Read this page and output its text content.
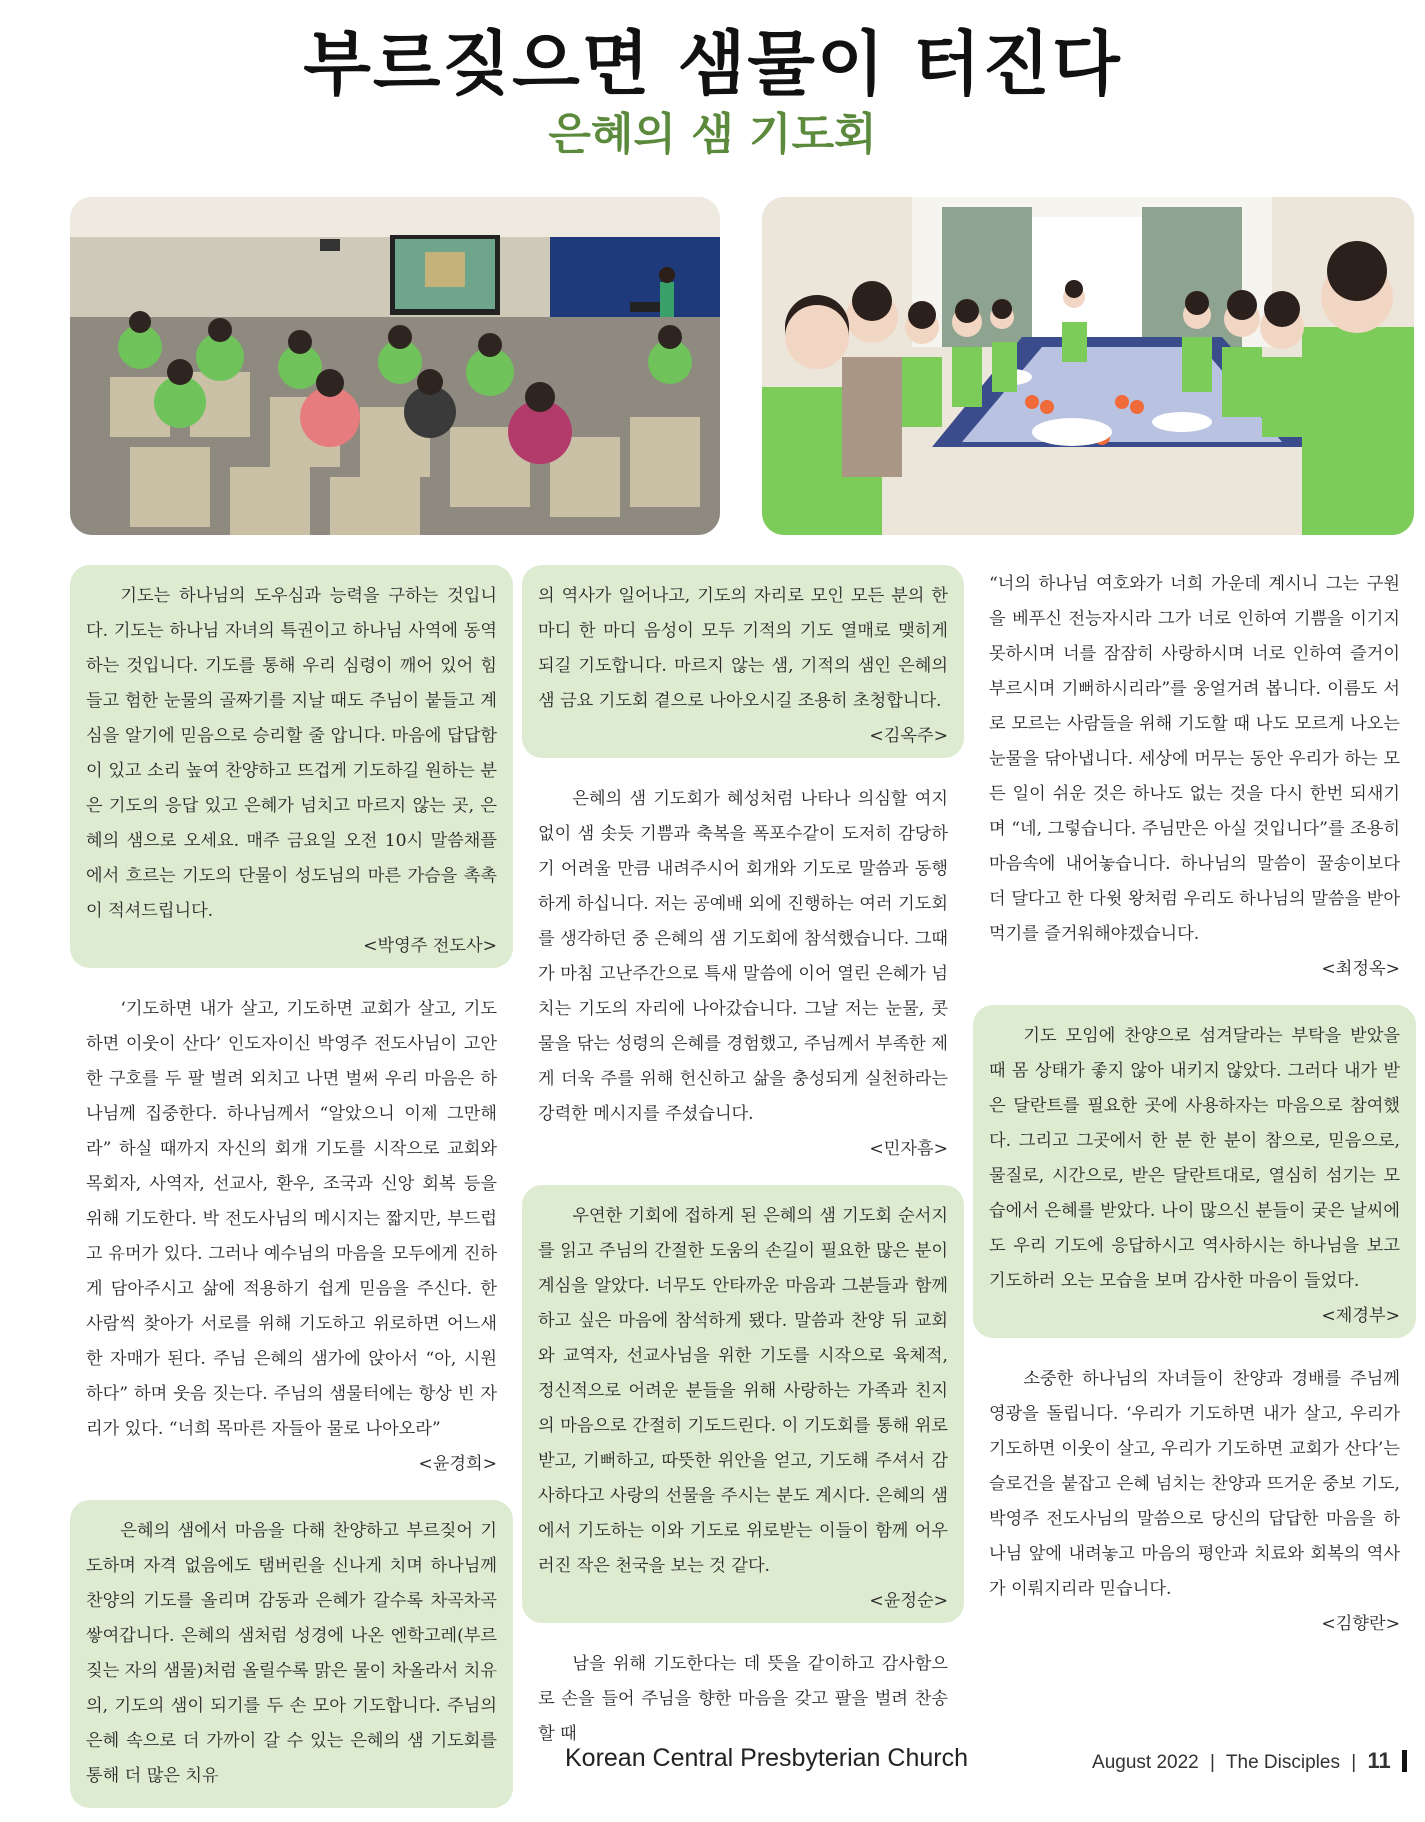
부르짖으면 샘물이 터진다
은혜의 샘 기도회

기도는 하나님의 도우심과 능력을 구하는 것입니다. 기도는 하나님 자녀의 특권이고 하나님 사역에 동역하는 것입니다. 기도를 통해 우리 심령이 깨어 있어 힘들고 험한 눈물의 골짜기를 지날 때도 주님이 붙들고 계심을 알기에 믿음으로 승리할 줄 압니다. 마음에 답답함이 있고 소리 높여 찬양하고 뜨겁게 기도하길 원하는 분은 기도의 응답 있고 은혜가 넘치고 마르지 않는 곳, 은혜의 샘으로 오세요. 매주 금요일 오전 10시 말씀채플에서 흐르는 기도의 단물이 성도님의 마른 가슴을 촉촉이 적셔드립니다.

<박영주 전도사>

‘기도하면 내가 살고, 기도하면 교회가 살고, 기도하면 이웃이 산다’ 인도자이신 박영주 전도사님이 고안한 구호를 두 팔 벌려 외치고 나면 벌써 우리 마음은 하나님께 집중한다. 하나님께서 “알았으니 이제 그만해라” 하실 때까지 자신의 회개 기도를 시작으로 교회와 목회자, 사역자, 선교사, 환우, 조국과 신앙 회복 등을 위해 기도한다. 박 전도사님의 메시지는 짧지만, 부드럽고 유머가 있다. 그러나 예수님의 마음을 모두에게 진하게 담아주시고 삶에 적용하기 쉽게 믿음을 주신다. 한 사람씩 찾아가 서로를 위해 기도하고 위로하면 어느새 한 자매가 된다. 주님 은혜의 샘가에 앉아서 “아, 시원하다” 하며 웃음 짓는다. 주님의 샘물터에는 항상 빈 자리가 있다. “너희 목마른 자들아 물로 나아오라”

<윤경희>

은혜의 샘에서 마음을 다해 찬양하고 부르짖어 기도하며 자격 없음에도 탬버린을 신나게 치며 하나님께 찬양의 기도를 올리며 감동과 은혜가 갈수록 차곡차곡 쌓여갑니다. 은혜의 샘처럼 성경에 나온 엔학고레(부르짖는 자의 샘물)처럼 올릴수록 맑은 물이 차올라서 치유의, 기도의 샘이 되기를 두 손 모아 기도합니다. 주님의 은혜 속으로 더 가까이 갈 수 있는 은혜의 샘 기도회를 통해 더 많은 치유

의 역사가 일어나고, 기도의 자리로 모인 모든 분의 한 마디 한 마디 음성이 모두 기적의 기도 열매로 맺히게 되길 기도합니다. 마르지 않는 샘, 기적의 샘인 은혜의 샘 금요 기도회 곁으로 나아오시길 조용히 초청합니다.

<김옥주>

은혜의 샘 기도회가 혜성처럼 나타나 의심할 여지없이 샘 솟듯 기쁨과 축복을 폭포수같이 도저히 감당하기 어려울 만큼 내려주시어 회개와 기도로 말씀과 동행하게 하십니다. 저는 공예배 외에 진행하는 여러 기도회를 생각하던 중 은혜의 샘 기도회에 참석했습니다. 그때가 마침 고난주간으로 특새 말씀에 이어 열린 은혜가 넘치는 기도의 자리에 나아갔습니다. 그날 저는 눈물, 콧물을 닦는 성령의 은혜를 경험했고, 주님께서 부족한 제게 더욱 주를 위해 헌신하고 삶을 충성되게 실천하라는 강력한 메시지를 주셨습니다.

<민자흠>

우연한 기회에 접하게 된 은혜의 샘 기도회 순서지를 읽고 주님의 간절한 도움의 손길이 필요한 많은 분이 계심을 알았다. 너무도 안타까운 마음과 그분들과 함께하고 싶은 마음에 참석하게 됐다. 말씀과 찬양 뒤 교회와 교역자, 선교사님을 위한 기도를 시작으로 육체적, 정신적으로 어려운 분들을 위해 사랑하는 가족과 친지의 마음으로 간절히 기도드린다. 이 기도회를 통해 위로받고, 기뻐하고, 따뜻한 위안을 얻고, 기도해 주셔서 감사하다고 사랑의 선물을 주시는 분도 계시다. 은혜의 샘에서 기도하는 이와 기도로 위로받는 이들이 함께 어우러진 작은 천국을 보는 것 같다.

<윤정순>

남을 위해 기도한다는 데 뜻을 같이하고 감사함으로 손을 들어 주님을 향한 마음을 갖고 팔을 벌려 찬송할 때

“너의 하나님 여호와가 너희 가운데 계시니 그는 구원을 베푸신 전능자시라 그가 너로 인하여 기쁨을 이기지 못하시며 너를 잠잠히 사랑하시며 너로 인하여 즐거이 부르시며 기뻐하시리라”를 웅얼거려 봅니다. 이름도 서로 모르는 사람들을 위해 기도할 때 나도 모르게 나오는 눈물을 닦아냅니다. 세상에 머무는 동안 우리가 하는 모든 일이 쉬운 것은 하나도 없는 것을 다시 한번 되새기며 “네, 그렇습니다. 주님만은 아실 것입니다”를 조용히 마음속에 내어놓습니다. 하나님의 말씀이 꿀송이보다 더 달다고 한 다윗 왕처럼 우리도 하나님의 말씀을 받아먹기를 즐거워해야겠습니다.

<최정옥>

기도 모임에 찬양으로 섬겨달라는 부탁을 받았을 때 몸 상태가 좋지 않아 내키지 않았다. 그러다 내가 받은 달란트를 필요한 곳에 사용하자는 마음으로 참여했다. 그리고 그곳에서 한 분 한 분이 참으로, 믿음으로, 물질로, 시간으로, 받은 달란트대로, 열심히 섬기는 모습에서 은혜를 받았다. 나이 많으신 분들이 궂은 날씨에도 우리 기도에 응답하시고 역사하시는 하나님을 보고 기도하러 오는 모습을 보며 감사한 마음이 들었다.

<제경부>

소중한 하나님의 자녀들이 찬양과 경배를 주님께 영광을 돌립니다. ‘우리가 기도하면 내가 살고, 우리가 기도하면 이웃이 살고, 우리가 기도하면 교회가 산다’는 슬로건을 붙잡고 은혜 넘치는 찬양과 뜨거운 중보 기도, 박영주 전도사님의 말씀으로 당신의 답답한 마음을 하나님 앞에 내려놓고 마음의 평안과 치료와 회복의 역사가 이뤄지리라 믿습니다.

<김향란>

Korean Central Presbyterian Church	August 2022 | The Disciples | 11
